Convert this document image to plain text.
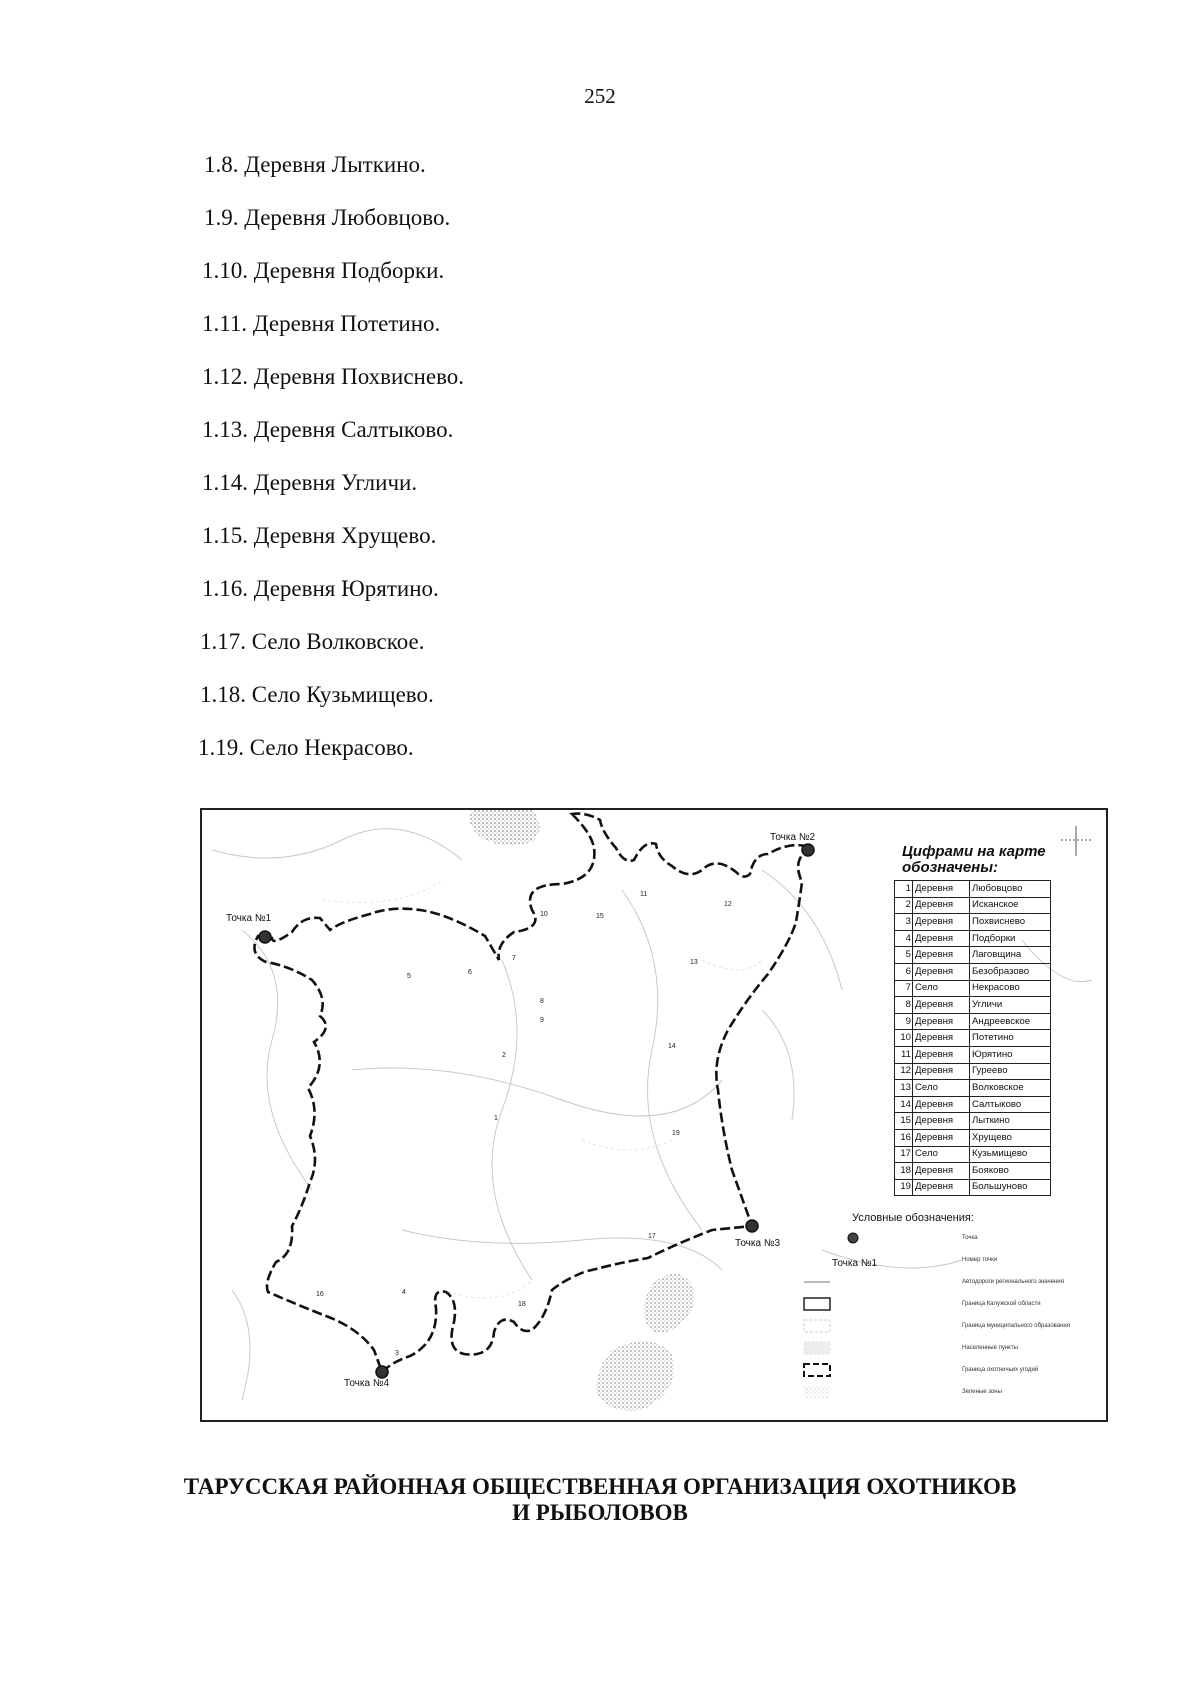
252
1.8. Деревня Лыткино.
1.9. Деревня Любовцово.
1.10. Деревня Подборки.
1.11. Деревня Потетино.
1.12. Деревня Похвиснево.
1.13. Деревня Салтыково.
1.14. Деревня Угличи.
1.15. Деревня Хрущево.
1.16. Деревня Юрятино.
1.17. Село Волковское.
1.18. Село Кузьмищево.
1.19. Село Некрасово.
Точка №1
Точка №2
Точка №3
Точка №4
1
2
3
4
5
6
7
8
9
10
11
12
13
14
15
16
17
18
19
Цифрами на карте
обозначены:
1	Деревня	Любовцово
2	Деревня	Исканское
3	Деревня	Похвиснево
4	Деревня	Подборки
5	Деревня	Лаговщина
6	Деревня	Безобразово
7	Село	Некрасово
8	Деревня	Угличи
9	Деревня	Андреевское
10	Деревня	Потетино
11	Деревня	Юрятино
12	Деревня	Гуреево
13	Село	Волковское
14	Деревня	Салтыково
15	Деревня	Лыткино
16	Деревня	Хрущево
17	Село	Кузьмищево
18	Деревня	Бояково
19	Деревня	Большуново
Условные обозначения:
Точка
Точка №1	Номер точки
Автодороги регионального значения
Граница Калужской области
Граница муниципального образования
Населенные пункты
Граница охотничьих угодий
Зеленые зоны
ТАРУССКАЯ РАЙОННАЯ ОБЩЕСТВЕННАЯ ОРГАНИЗАЦИЯ ОХОТНИКОВ
И РЫБОЛОВОВ
